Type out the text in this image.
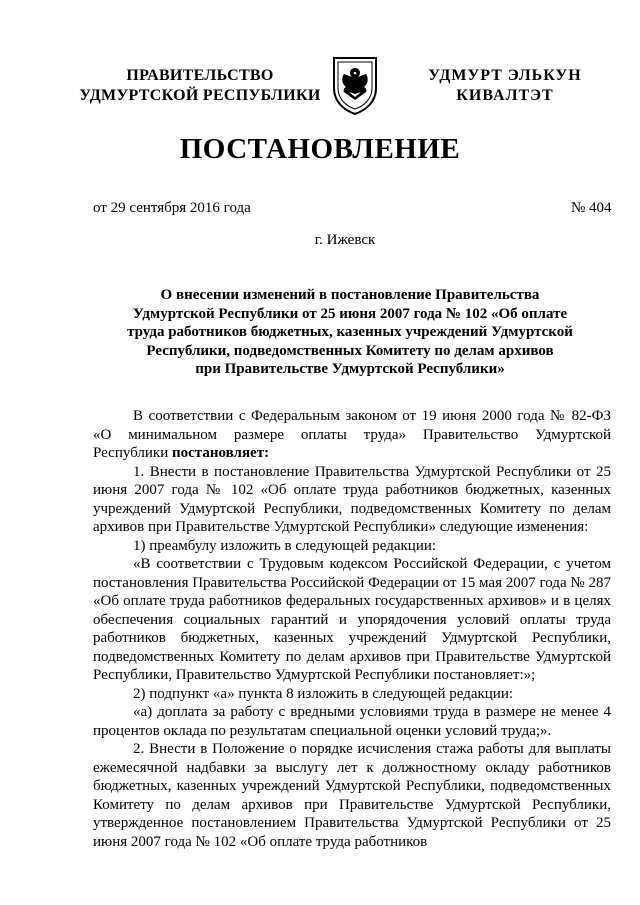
ПРАВИТЕЛЬСТВО
УДМУРТСКОЙ РЕСПУБЛИКИ
УДМУРТ ЭЛЬКУН
КИВАЛТЭТ
ПОСТАНОВЛЕНИЕ
от 29 сентября 2016 года	№ 404
г. Ижевск
О внесении изменений в постановление Правительства
Удмуртской Республики от 25 июня 2007 года № 102 «Об оплате
труда работников бюджетных, казенных учреждений Удмуртской
Республики, подведомственных Комитету по делам архивов
при Правительстве Удмуртской Республики»

В соответствии с Федеральным законом от 19 июня 2000 года № 82-ФЗ «О минимальном размере оплаты труда» Правительство Удмуртской Республики постановляет:

1. Внести в постановление Правительства Удмуртской Республики от 25 июня 2007 года № 102 «Об оплате труда работников бюджетных, казенных учреждений Удмуртской Республики, подведомственных Комитету по делам архивов при Правительстве Удмуртской Республики» следующие изменения:

1) преамбулу изложить в следующей редакции:

«В соответствии с Трудовым кодексом Российской Федерации, с учетом постановления Правительства Российской Федерации от 15 мая 2007 года № 287 «Об оплате труда работников федеральных государственных архивов» и в целях обеспечения социальных гарантий и упорядочения условий оплаты труда работников бюджетных, казенных учреждений Удмуртской Республики, подведомственных Комитету по делам архивов при Правительстве Удмуртской Республики, Правительство Удмуртской Республики постановляет:»;

2) подпункт «а» пункта 8 изложить в следующей редакции:

«а) доплата за работу с вредными условиями труда в размере не менее 4 процентов оклада по результатам специальной оценки условий труда;».

2. Внести в Положение о порядке исчисления стажа работы для выплаты ежемесячной надбавки за выслугу лет к должностному окладу работников бюджетных, казенных учреждений Удмуртской Республики, подведомственных Комитету по делам архивов при Правительстве Удмуртской Республики, утвержденное постановлением Правительства Удмуртской Республики от 25 июня 2007 года № 102 «Об оплате труда работников
